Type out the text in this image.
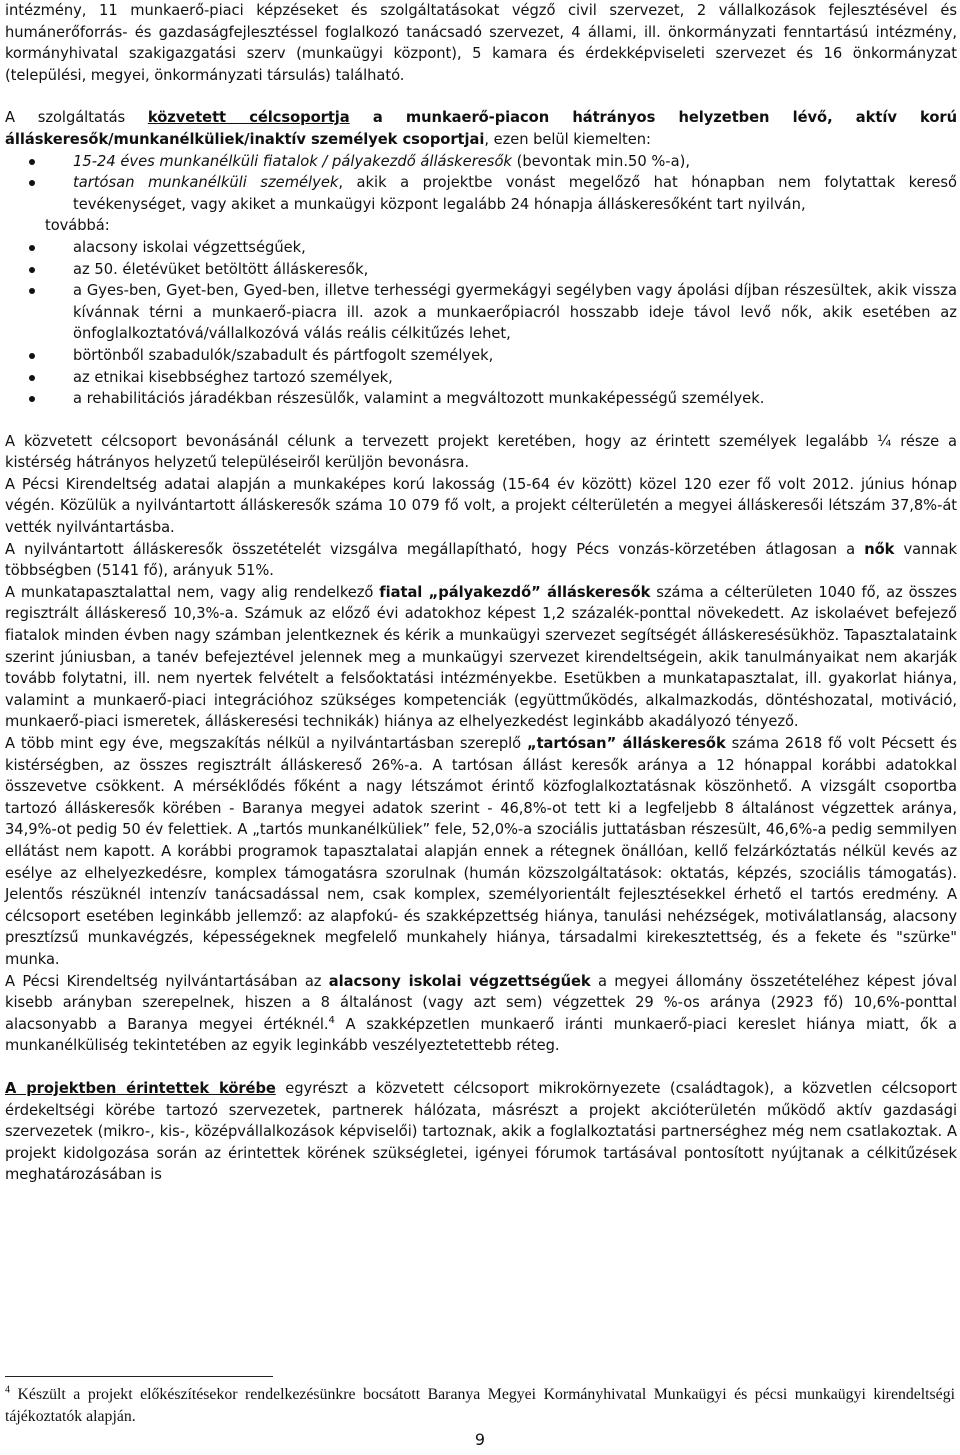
intézmény, 11 munkaerő-piaci képzéseket és szolgáltatásokat végző civil szervezet, 2 vállalkozások fejlesztésével és humánerőforrás- és gazdaságfejlesztéssel foglalkozó tanácsadó szervezet, 4 állami, ill. önkormányzati fenntartású intézmény, kormányhivatal szakigazgatási szerv (munkaügyi központ), 5 kamara és érdekképviseleti szervezet és 16 önkormányzat (települési, megyei, önkormányzati társulás) található.

A szolgáltatás közvetett célcsoportja a munkaerő-piacon hátrányos helyzetben lévő, aktív korú álláskeresők/munkanélküliek/inaktív személyek csoportjai, ezen belül kiemelten:

15-24 éves munkanélküli fiatalok / pályakezdő álláskeresők (bevontak min.50 %-a),
tartósan munkanélküli személyek, akik a projektbe vonást megelőző hat hónapban nem folytattak kereső tevékenységet, vagy akiket a munkaügyi központ legalább 24 hónapja álláskeresőként tart nyilván,

továbbá:

alacsony iskolai végzettségűek,
az 50. életévüket betöltött álláskeresők,
a Gyes-ben, Gyet-ben, Gyed-ben, illetve terhességi gyermekágyi segélyben vagy ápolási díjban részesültek, akik vissza kívánnak térni a munkaerő-piacra ill. azok a munkaerőpiacról hosszabb ideje távol levő nők, akik esetében az önfoglalkoztatóvá/vállalkozóvá válás reális célkitűzés lehet,
börtönből szabadulók/szabadult és pártfogolt személyek,
az etnikai kisebbséghez tartozó személyek,
a rehabilitációs járadékban részesülők, valamint a megváltozott munkaképességű személyek.

A közvetett célcsoport bevonásánál célunk a tervezett projekt keretében, hogy az érintett személyek legalább ¼ része a kistérség hátrányos helyzetű településeiről kerüljön bevonásra.

A Pécsi Kirendeltség adatai alapján a munkaképes korú lakosság (15-64 év között) közel 120 ezer fő volt 2012. június hónap végén. Közülük a nyilvántartott álláskeresők száma 10 079 fő volt, a projekt célterületén a megyei álláskeresői létszám 37,8%-át vették nyilvántartásba.

A nyilvántartott álláskeresők összetételét vizsgálva megállapítható, hogy Pécs vonzás-körzetében átlagosan a nők vannak többségben (5141 fő), arányuk 51%.

A munkatapasztalattal nem, vagy alig rendelkező fiatal „pályakezdő” álláskeresők száma a célterületen 1040 fő, az összes regisztrált álláskereső 10,3%-a. Számuk az előző évi adatokhoz képest 1,2 százalék-ponttal növekedett. Az iskolaévet befejező fiatalok minden évben nagy számban jelentkeznek és kérik a munkaügyi szervezet segítségét álláskeresésükhöz. Tapasztalataink szerint júniusban, a tanév befejeztével jelennek meg a munkaügyi szervezet kirendeltségein, akik tanulmányaikat nem akarják tovább folytatni, ill. nem nyertek felvételt a felsőoktatási intézményekbe. Esetükben a munkatapasztalat, ill. gyakorlat hiánya, valamint a munkaerő-piaci integrációhoz szükséges kompetenciák (együttműködés, alkalmazkodás, döntéshozatal, motiváció, munkaerő-piaci ismeretek, álláskeresési technikák) hiánya az elhelyezkedést leginkább akadályozó tényező.

A több mint egy éve, megszakítás nélkül a nyilvántartásban szereplő „tartósan” álláskeresők száma 2618 fő volt Pécsett és kistérségben, az összes regisztrált álláskereső 26%-a. A tartósan állást keresők aránya a 12 hónappal korábbi adatokkal összevetve csökkent. A mérséklődés főként a nagy létszámot érintő közfoglalkoztatásnak köszönhető. A vizsgált csoportba tartozó álláskeresők körében - Baranya megyei adatok szerint - 46,8%-ot tett ki a legfeljebb 8 általánost végzettek aránya, 34,9%-ot pedig 50 év felettiek. A „tartós munkanélküliek” fele, 52,0%-a szociális juttatásban részesült, 46,6%-a pedig semmilyen ellátást nem kapott. A korábbi programok tapasztalatai alapján ennek a rétegnek önállóan, kellő felzárkóztatás nélkül kevés az esélye az elhelyezkedésre, komplex támogatásra szorulnak (humán közszolgáltatások: oktatás, képzés, szociális támogatás). Jelentős részüknél intenzív tanácsadással nem, csak komplex, személyorientált fejlesztésekkel érhető el tartós eredmény. A célcsoport esetében leginkább jellemző: az alapfokú- és szakképzettség hiánya, tanulási nehézségek, motiválatlanság, alacsony presztízsű munkavégzés, képességeknek megfelelő munkahely hiánya, társadalmi kirekesztettség, és a fekete és "szürke" munka.

A Pécsi Kirendeltség nyilvántartásában az alacsony iskolai végzettségűek a megyei állomány összetételéhez képest jóval kisebb arányban szerepelnek, hiszen a 8 általánost (vagy azt sem) végzettek 29 %-os aránya (2923 fő) 10,6%-ponttal alacsonyabb a Baranya megyei értéknél.$^4$ A szakképzetlen munkaerő iránti munkaerő-piaci kereslet hiánya miatt, ők a munkanélküliség tekintetében az egyik leginkább veszélyeztetettebb réteg.

A projektben érintettek körébe egyrészt a közvetett célcsoport mikrokörnyezete (családtagok), a közvetlen célcsoport érdekeltségi körébe tartozó szervezetek, partnerek hálózata, másrészt a projekt akcióterületén működő aktív gazdasági szervezetek (mikro-, kis-, középvállalkozások képviselői) tartoznak, akik a foglalkoztatási partnerséghez még nem csatlakoztak. A projekt kidolgozása során az érintettek körének szükségletei, igényei fórumok tartásával pontosított nyújtanak a célkitűzések meghatározásában is

$^4$ Készült a projekt előkészítésekor rendelkezésünkre bocsátott Baranya Megyei Kormányhivatal Munkaügyi és pécsi munkaügyi kirendeltségi tájékoztatók alapján.
9
